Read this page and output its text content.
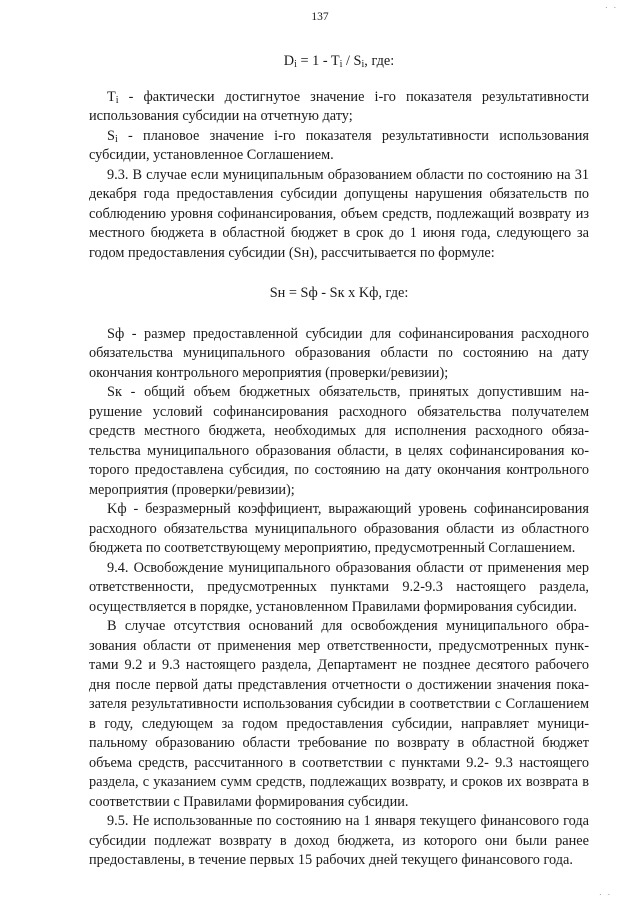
. .
137

$D_i = 1 - T_i / S_i$, где:

$T_i$ - фактически достигнутое значение i-го показателя результативности использования субсидии на отчетную дату;

$S_i$ - плановое значение i-го показателя результативности использования субсидии, установленное Соглашением.

9.3. В случае если муниципальным образованием области по состоянию на 31 декабря года предоставления субсидии допущены нарушения обязательств по соблюдению уровня софинансирования, объем средств, подлежащий возврату из местного бюджета в областной бюджет в срок до 1 июня года, следующего за годом предоставления субсидии (Sн), рассчитывается по формуле:

Sн = Sф - Sк x Kф, где:

Sф - размер предоставленной субсидии для софинансирования расходного обязательства муниципального образования области по состоянию на дату окончания контрольного мероприятия (проверки/ревизии);

Sк - общий объем бюджетных обязательств, принятых допустившим нарушение условий софинансирования расходного обязательства получателем средств местного бюджета, необходимых для исполнения расходного обязательства муниципального образования области, в целях софинансирования которого предоставлена субсидия, по состоянию на дату окончания контрольного мероприятия (проверки/ревизии);

Kф - безразмерный коэффициент, выражающий уровень софинансирования расходного обязательства муниципального образования области из областного бюджета по соответствующему мероприятию, предусмотренный Соглашением.

9.4. Освобождение муниципального образования области от применения мер ответственности, предусмотренных пунктами 9.2-9.3 настоящего раздела, осуществляется в порядке, установленном Правилами формирования субсидии.

В случае отсутствия оснований для освобождения муниципального образования области от применения мер ответственности, предусмотренных пунктами 9.2 и 9.3 настоящего раздела, Департамент не позднее десятого рабочего дня после первой даты представления отчетности о достижении значения показателя результативности использования субсидии в соответствии с Соглашением в году, следующем за годом предоставления субсидии, направляет муниципальному образованию области требование по возврату в областной бюджет объема средств, рассчитанного в соответствии с пунктами 9.2- 9.3 настоящего раздела, с указанием сумм средств, подлежащих возврату, и сроков их возврата в соответствии с Правилами формирования субсидии.

9.5. Не использованные по состоянию на 1 января текущего финансового года субсидии подлежат возврату в доход бюджета, из которого они были ранее предоставлены, в течение первых 15 рабочих дней текущего финансового года.

. .
